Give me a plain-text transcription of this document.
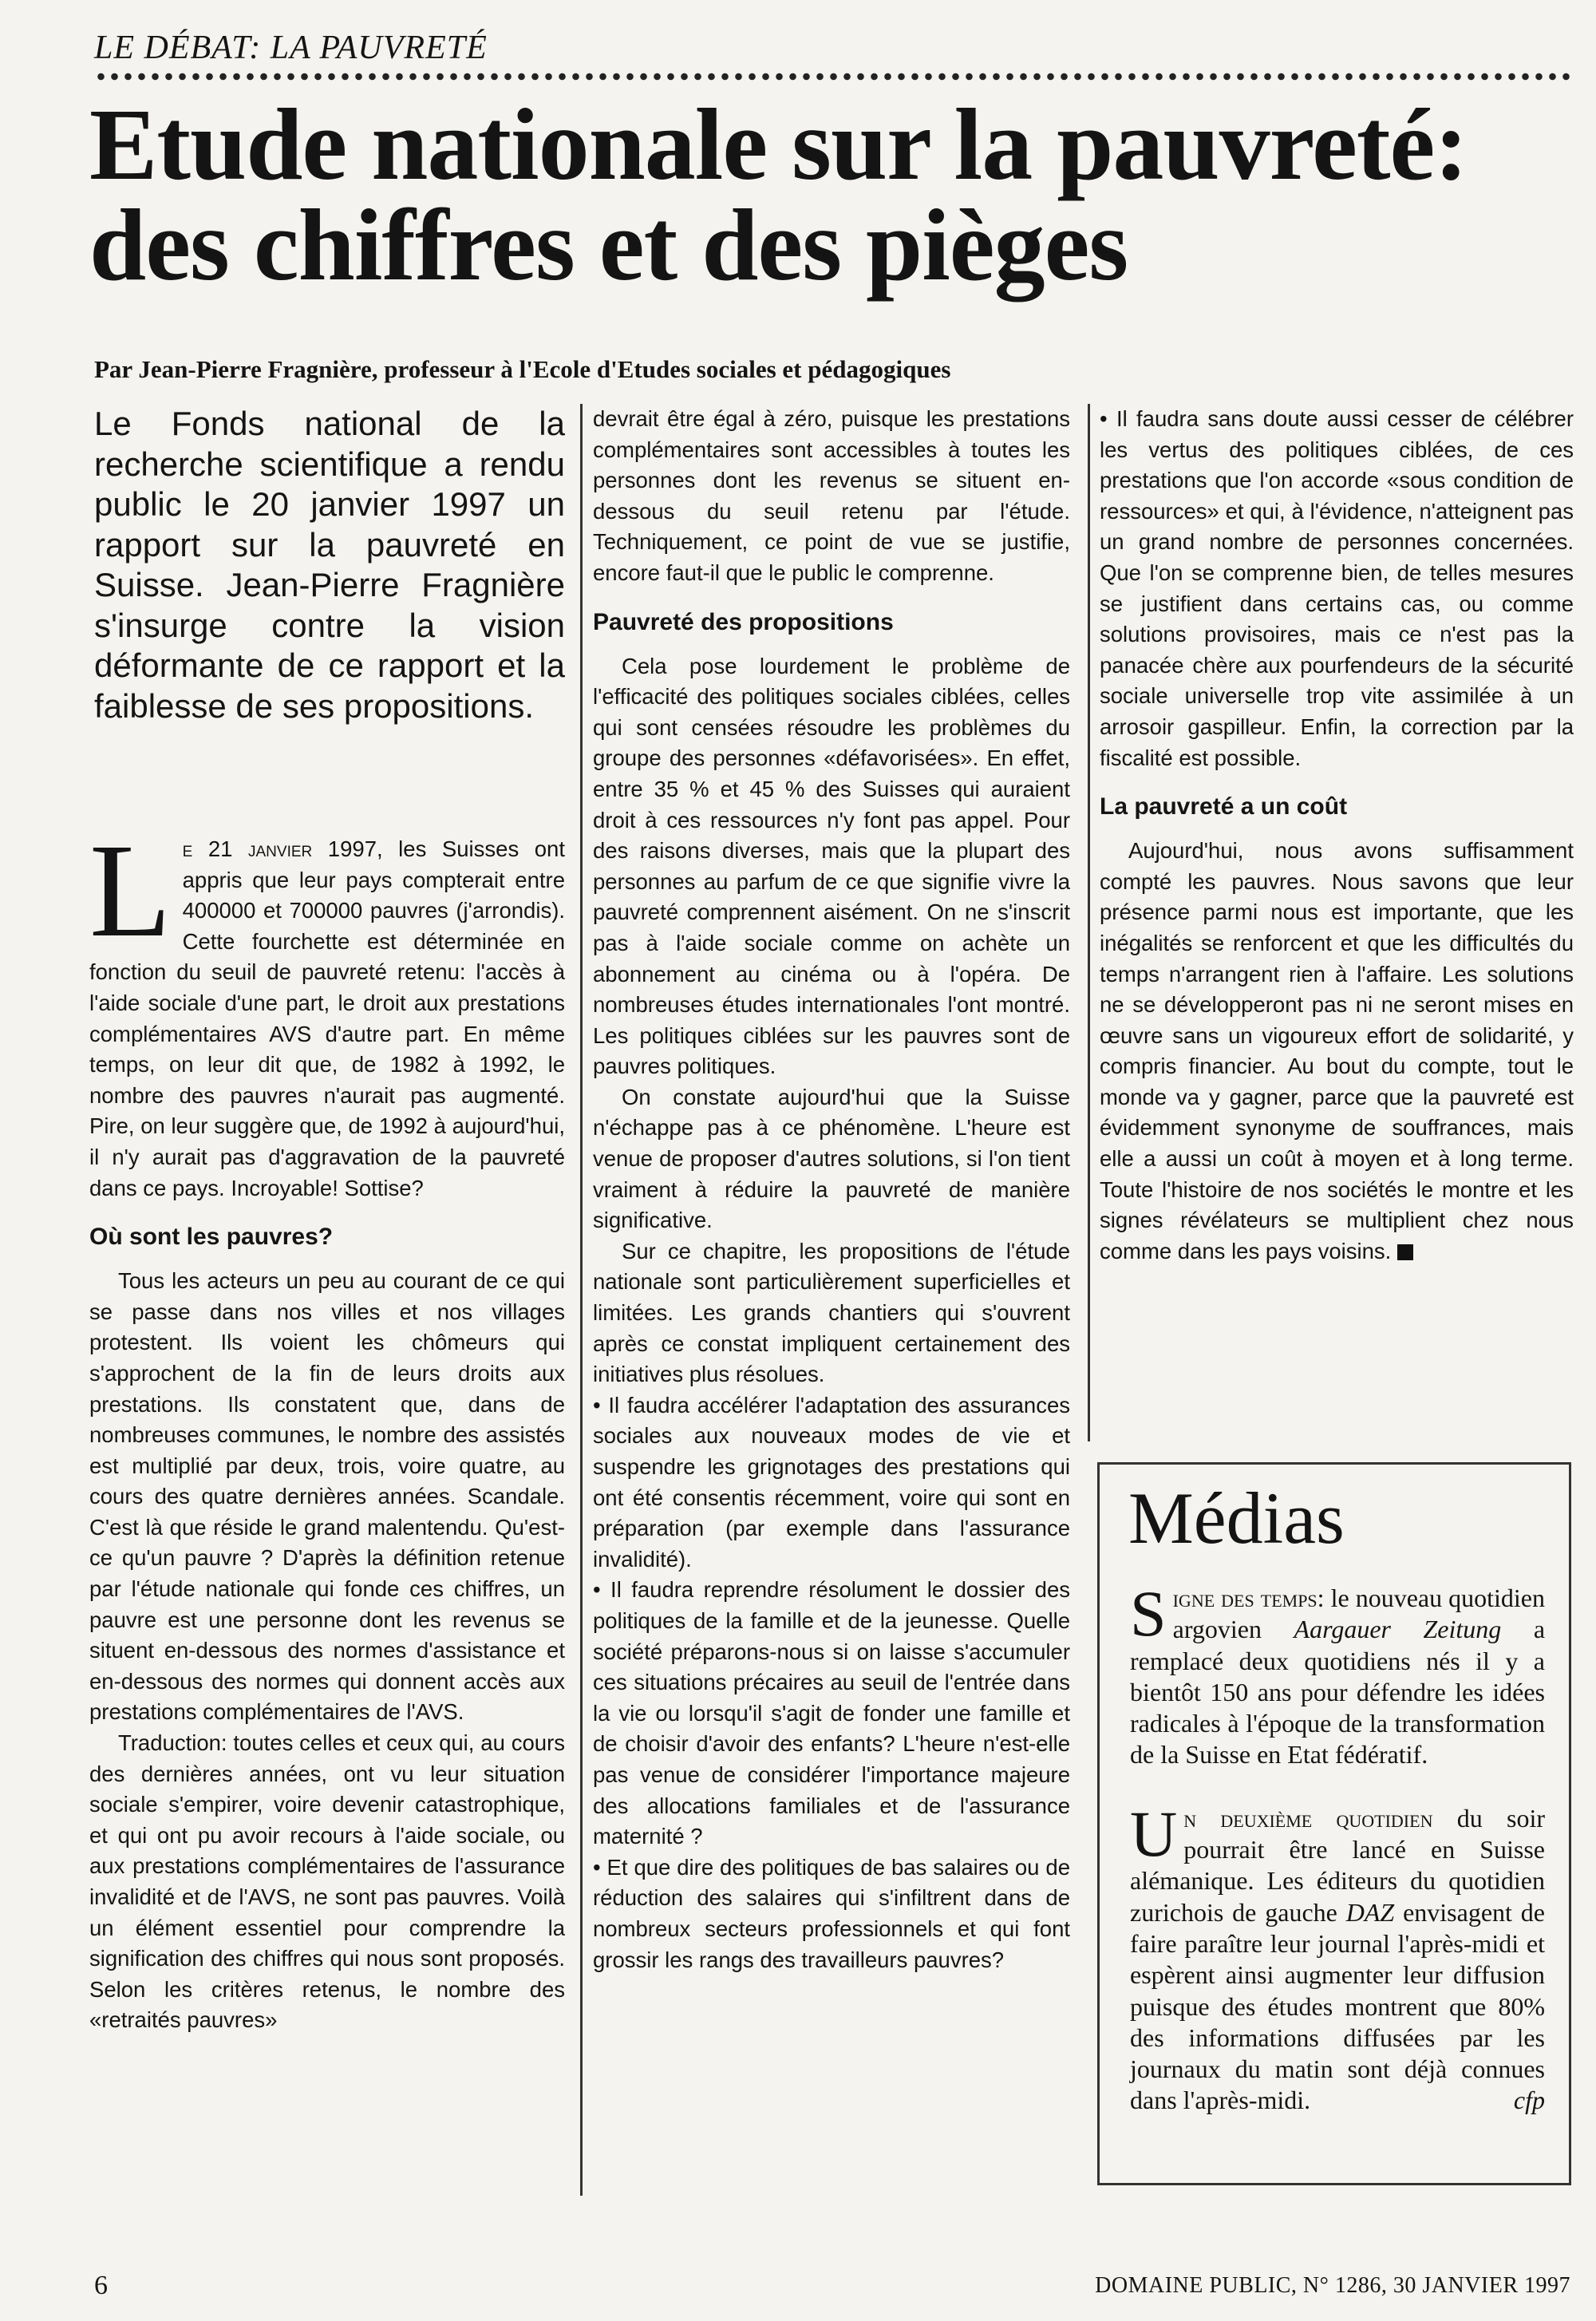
LE DÉBAT: LA PAUVRETÉ
Etude nationale sur la pauvreté:
des chiffres et des pièges
Par Jean-Pierre Fragnière, professeur à l'Ecole d'Etudes sociales et pédagogiques
Le Fonds national de la recherche scientifique a rendu public le 20 janvier 1997 un rapport sur la pauvreté en Suisse. Jean-Pierre Fragnière s'insurge contre la vision déformante de ce rapport et la faiblesse de ses propositions.

Le 21 janvier 1997, les Suisses ont appris que leur pays compterait entre 400000 et 700000 pauvres (j'arrondis). Cette fourchette est déterminée en fonction du seuil de pauvreté retenu: l'accès à l'aide sociale d'une part, le droit aux prestations complémentaires AVS d'autre part. En même temps, on leur dit que, de 1982 à 1992, le nombre des pauvres n'aurait pas augmenté. Pire, on leur suggère que, de 1992 à aujourd'hui, il n'y aurait pas d'aggravation de la pauvreté dans ce pays. Incroyable! Sottise?

Où sont les pauvres?

Tous les acteurs un peu au courant de ce qui se passe dans nos villes et nos villages protestent. Ils voient les chômeurs qui s'approchent de la fin de leurs droits aux prestations. Ils constatent que, dans de nombreuses communes, le nombre des assistés est multiplié par deux, trois, voire quatre, au cours des quatre dernières années. Scandale. C'est là que réside le grand malentendu. Qu'est-ce qu'un pauvre ? D'après la définition retenue par l'étude nationale qui fonde ces chiffres, un pauvre est une personne dont les revenus se situent en-dessous des normes d'assistance et en-dessous des normes qui donnent accès aux prestations complémentaires de l'AVS.

Traduction: toutes celles et ceux qui, au cours des dernières années, ont vu leur situation sociale s'empirer, voire devenir catastrophique, et qui ont pu avoir recours à l'aide sociale, ou aux prestations complémentaires de l'assurance invalidité et de l'AVS, ne sont pas pauvres. Voilà un élément essentiel pour comprendre la signification des chiffres qui nous sont proposés. Selon les critères retenus, le nombre des «retraités pauvres»

devrait être égal à zéro, puisque les prestations complémentaires sont accessibles à toutes les personnes dont les revenus se situent en-dessous du seuil retenu par l'étude. Techniquement, ce point de vue se justifie, encore faut-il que le public le comprenne.

Pauvreté des propositions

Cela pose lourdement le problème de l'efficacité des politiques sociales ciblées, celles qui sont censées résoudre les problèmes du groupe des personnes «défavorisées». En effet, entre 35 % et 45 % des Suisses qui auraient droit à ces ressources n'y font pas appel. Pour des raisons diverses, mais que la plupart des personnes au parfum de ce que signifie vivre la pauvreté comprennent aisément. On ne s'inscrit pas à l'aide sociale comme on achète un abonnement au cinéma ou à l'opéra. De nombreuses études internationales l'ont montré. Les politiques ciblées sur les pauvres sont de pauvres politiques.

On constate aujourd'hui que la Suisse n'échappe pas à ce phénomène. L'heure est venue de proposer d'autres solutions, si l'on tient vraiment à réduire la pauvreté de manière significative.

Sur ce chapitre, les propositions de l'étude nationale sont particulièrement superficielles et limitées. Les grands chantiers qui s'ouvrent après ce constat impliquent certainement des initiatives plus résolues.

• Il faudra accélérer l'adaptation des assurances sociales aux nouveaux modes de vie et suspendre les grignotages des prestations qui ont été consentis récemment, voire qui sont en préparation (par exemple dans l'assurance invalidité).

• Il faudra reprendre résolument le dossier des politiques de la famille et de la jeunesse. Quelle société préparons-nous si on laisse s'accumuler ces situations précaires au seuil de l'entrée dans la vie ou lorsqu'il s'agit de fonder une famille et de choisir d'avoir des enfants? L'heure n'est-elle pas venue de considérer l'importance majeure des allocations familiales et de l'assurance maternité ?

• Et que dire des politiques de bas salaires ou de réduction des salaires qui s'infiltrent dans de nombreux secteurs professionnels et qui font grossir les rangs des travailleurs pauvres?

• Il faudra sans doute aussi cesser de célébrer les vertus des politiques ciblées, de ces prestations que l'on accorde «sous condition de ressources» et qui, à l'évidence, n'atteignent pas un grand nombre de personnes concernées. Que l'on se comprenne bien, de telles mesures se justifient dans certains cas, ou comme solutions provisoires, mais ce n'est pas la panacée chère aux pourfendeurs de la sécurité sociale universelle trop vite assimilée à un arrosoir gaspilleur. Enfin, la correction par la fiscalité est possible.

La pauvreté a un coût

Aujourd'hui, nous avons suffisamment compté les pauvres. Nous savons que leur présence parmi nous est importante, que les inégalités se renforcent et que les difficultés du temps n'arrangent rien à l'affaire. Les solutions ne se développeront pas ni ne seront mises en œuvre sans un vigoureux effort de solidarité, y compris financier. Au bout du compte, tout le monde va y gagner, parce que la pauvreté est évidemment synonyme de souffrances, mais elle a aussi un coût à moyen et à long terme. Toute l'histoire de nos sociétés le montre et les signes révélateurs se multiplient chez nous comme dans les pays voisins.

Médias

Signe des temps: le nouveau quotidien argovien Aargauer Zeitung a remplacé deux quotidiens nés il y a bientôt 150 ans pour défendre les idées radicales à l'époque de la transformation de la Suisse en Etat fédératif.

Un deuxième quotidien du soir pourrait être lancé en Suisse alémanique. Les éditeurs du quotidien zurichois de gauche DAZ envisagent de faire paraître leur journal l'après-midi et espèrent ainsi augmenter leur diffusion puisque des études montrent que 80% des informations diffusées par les journaux du matin sont déjà connues dans l'après-midi.	cfp

6	DOMAINE PUBLIC, N° 1286, 30 JANVIER 1997
